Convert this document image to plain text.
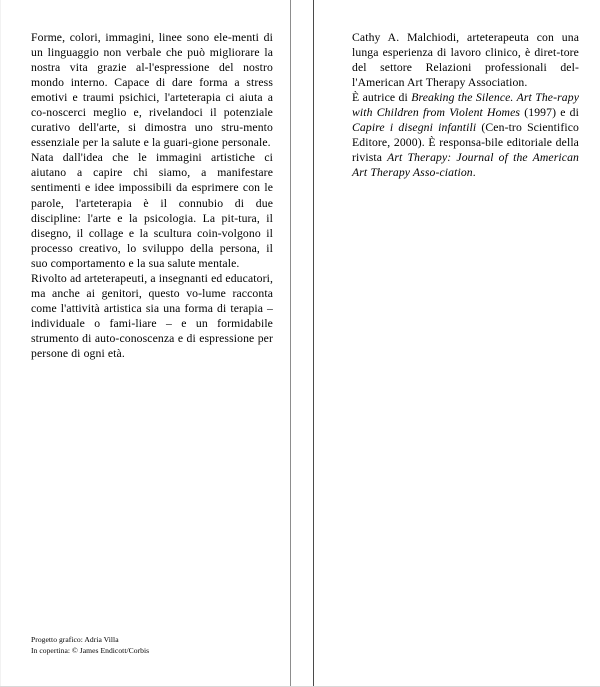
Forme, colori, immagini, linee sono ele-menti di un linguaggio non verbale che può migliorare la nostra vita grazie al-l'espressione del nostro mondo interno. Capace di dare forma a stress emotivi e traumi psichici, l'arteterapia ci aiuta a co-noscerci meglio e, rivelandoci il potenziale curativo dell'arte, si dimostra uno stru-mento essenziale per la salute e la guari-gione personale.

Nata dall'idea che le immagini artistiche ci aiutano a capire chi siamo, a manifestare sentimenti e idee impossibili da esprimere con le parole, l'arteterapia è il connubio di due discipline: l'arte e la psicologia. La pit-tura, il disegno, il collage e la scultura coin-volgono il processo creativo, lo sviluppo della persona, il suo comportamento e la sua salute mentale.

Rivolto ad arteterapeuti, a insegnanti ed educatori, ma anche ai genitori, questo vo-lume racconta come l'attività artistica sia una forma di terapia – individuale o fami-liare – e un formidabile strumento di auto-conoscenza e di espressione per persone di ogni età.

Cathy A. Malchiodi, arteterapeuta con una lunga esperienza di lavoro clinico, è diret-tore del settore Relazioni professionali del-l'American Art Therapy Association.

È autrice di Breaking the Silence. Art The-rapy with Children from Violent Homes (1997) e di Capire i disegni infantili (Cen-tro Scientifico Editore, 2000). È responsa-bile editoriale della rivista Art Therapy: Journal of the American Art Therapy Asso-ciation.

Progetto grafico: Adria Villa

In copertina: © James Endicott/Corbis
